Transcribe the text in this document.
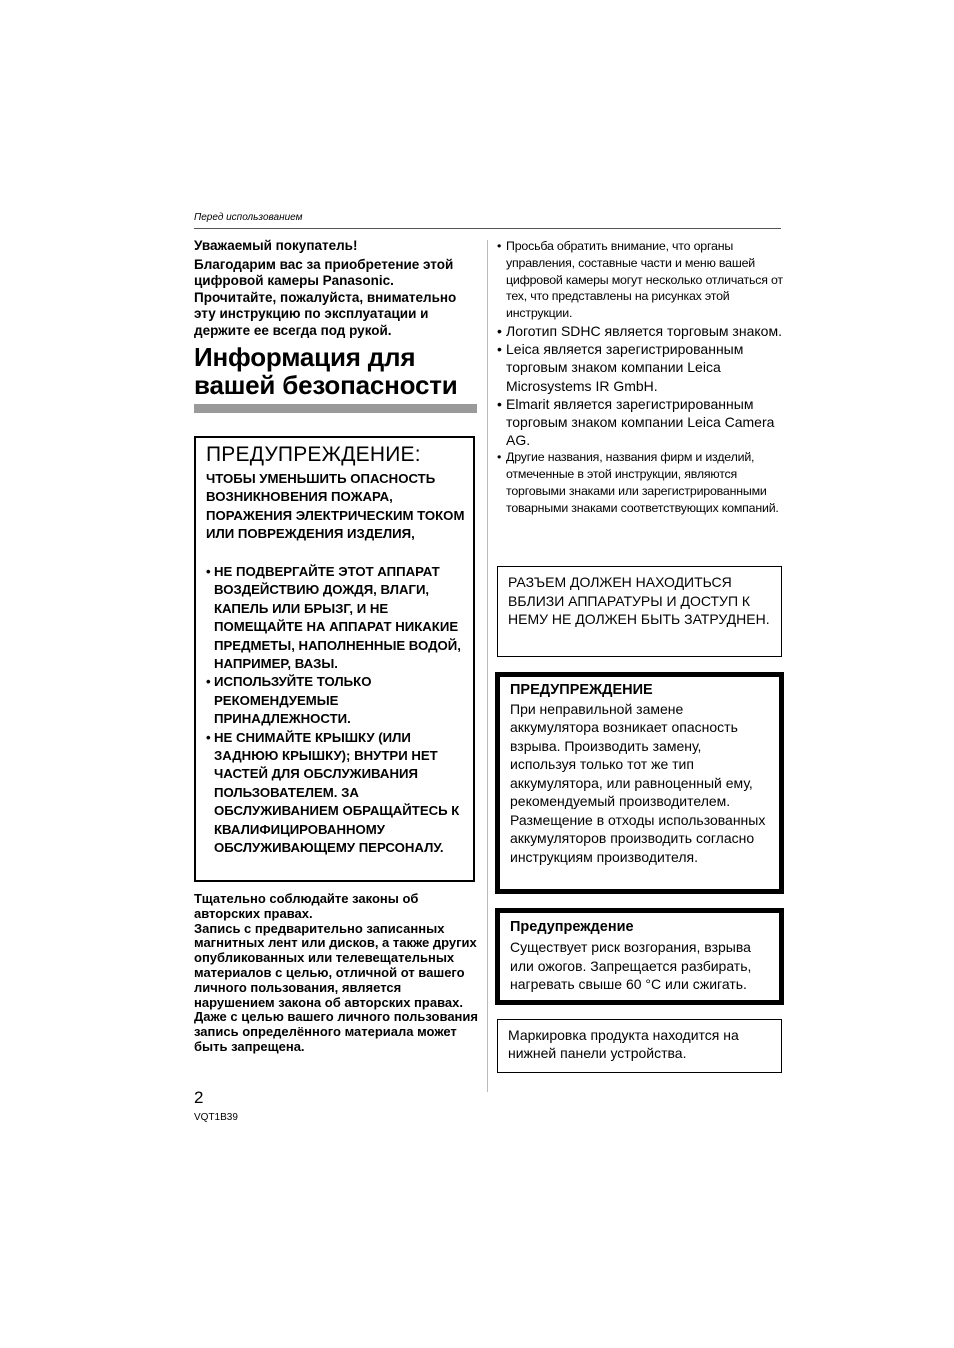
Перед использованием
Уважаемый покупатель!
Благодарим вас за приобретение этой цифровой камеры Panasonic. Прочитайте, пожалуйста, внимательно эту инструкцию по эксплуатации и держите ее всегда под рукой.
Информация для
вашей безопасности
ПРЕДУПРЕЖДЕНИЕ:
ЧТОБЫ УМЕНЬШИТЬ ОПАСНОСТЬ ВОЗНИКНОВЕНИЯ ПОЖАРА, ПОРАЖЕНИЯ ЭЛЕКТРИЧЕСКИМ ТОКОМ ИЛИ ПОВРЕЖДЕНИЯ ИЗДЕЛИЯ,
• НЕ ПОДВЕРГАЙТЕ ЭТОТ АППАРАТ ВОЗДЕЙСТВИЮ ДОЖДЯ, ВЛАГИ, КАПЕЛЬ ИЛИ БРЫЗГ, И НЕ ПОМЕЩАЙТЕ НА АППАРАТ НИКАКИЕ ПРЕДМЕТЫ, НАПОЛНЕННЫЕ ВОДОЙ, НАПРИМЕР, ВАЗЫ.
• ИСПОЛЬЗУЙТЕ ТОЛЬКО РЕКОМЕНДУЕМЫЕ ПРИНАДЛЕЖНОСТИ.
• НЕ СНИМАЙТЕ КРЫШКУ (ИЛИ ЗАДНЮЮ КРЫШКУ); ВНУТРИ НЕТ ЧАСТЕЙ ДЛЯ ОБСЛУЖИВАНИЯ ПОЛЬЗОВАТЕЛЕМ. ЗА ОБСЛУЖИВАНИЕМ ОБРАЩАЙТЕСЬ К КВАЛИФИЦИРОВАННОМУ ОБСЛУЖИВАЮЩЕМУ ПЕРСОНАЛУ.
Тщательно соблюдайте законы об авторских правах.
Запись с предварительно записанных магнитных лент или дисков, а также других опубликованных или телевещательных материалов с целью, отличной от вашего личного пользования, является нарушением закона об авторских правах. Даже с целью вашего личного пользования запись определённого материала может быть запрещена.
2
VQT1B39
• Просьба обратить внимание, что органы управления, составные части и меню вашей цифровой камеры могут несколько отличаться от тех, что представлены на рисунках этой инструкции.
• Логотип SDHC является торговым знаком.
• Leica является зарегистрированным торговым знаком компании Leica Microsystems IR GmbH.
• Elmarit является зарегистрированным торговым знаком компании Leica Camera AG.
• Другие названия, названия фирм и изделий, отмеченные в этой инструкции, являются торговыми знаками или зарегистрированными товарными знаками соответствующих компаний.
РАЗЪЕМ ДОЛЖЕН НАХОДИТЬСЯ ВБЛИЗИ АППАРАТУРЫ И ДОСТУП К НЕМУ НЕ ДОЛЖЕН БЫТЬ ЗАТРУДНЕН.
ПРЕДУПРЕЖДЕНИЕ
При неправильной замене аккумулятора возникает опасность взрыва. Производить замену, используя только тот же тип аккумулятора, или равноценный ему, рекомендуемый производителем. Размещение в отходы использованных аккумуляторов производить согласно инструкциям производителя.
Предупреждение
Существует риск возгорания, взрыва или ожогов. Запрещается разбирать, нагревать свыше 60 °C или сжигать.
Маркировка продукта находится на нижней панели устройства.
